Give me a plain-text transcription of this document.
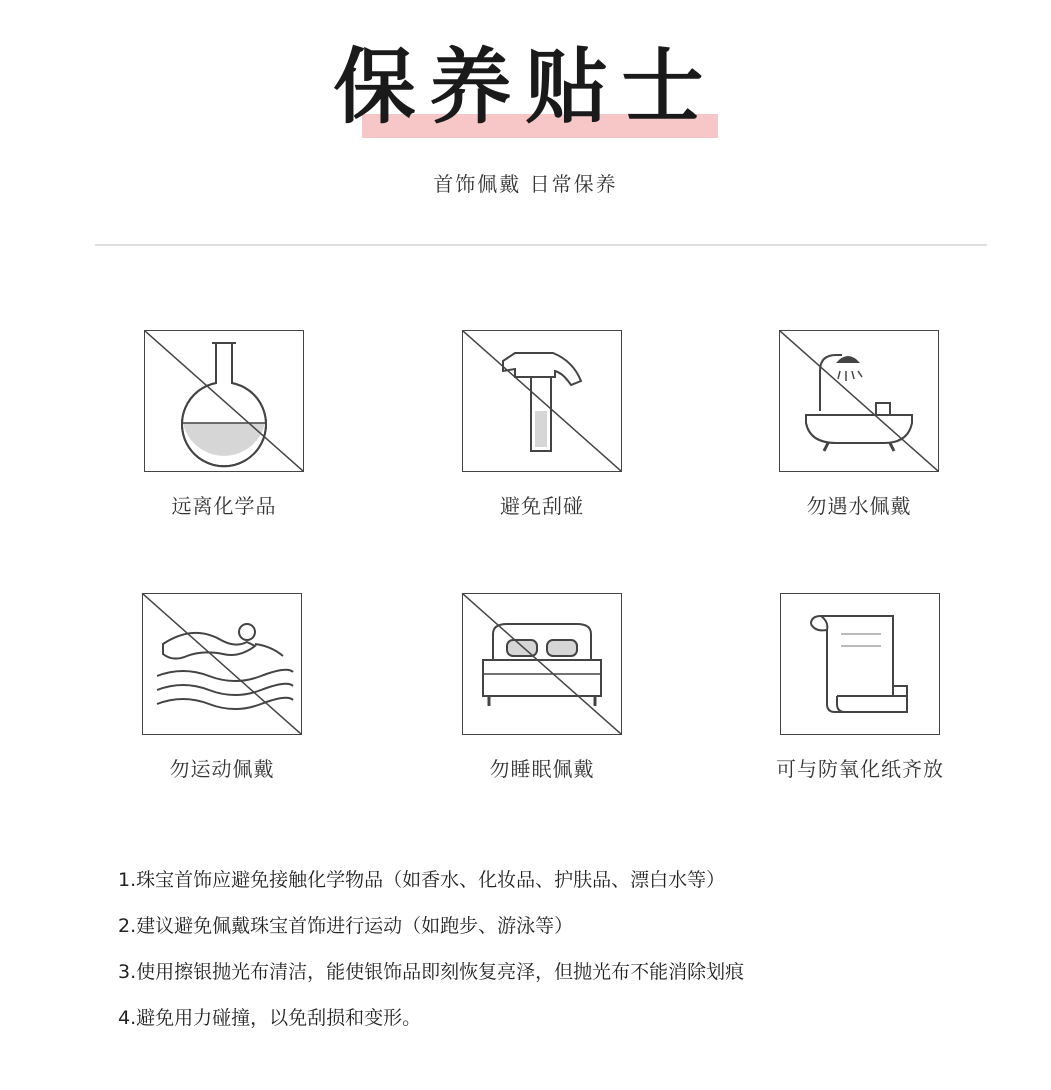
保养贴士
首饰佩戴 日常保养
远离化学品	避免刮碰	勿遇水佩戴
勿运动佩戴	勿睡眠佩戴	可与防氧化纸齐放
1.珠宝首饰应避免接触化学物品（如香水、化妆品、护肤品、漂白水等）
2.建议避免佩戴珠宝首饰进行运动（如跑步、游泳等）
3.使用擦银抛光布清洁，能使银饰品即刻恢复亮泽，但抛光布不能消除划痕
4.避免用力碰撞，以免刮损和变形。
